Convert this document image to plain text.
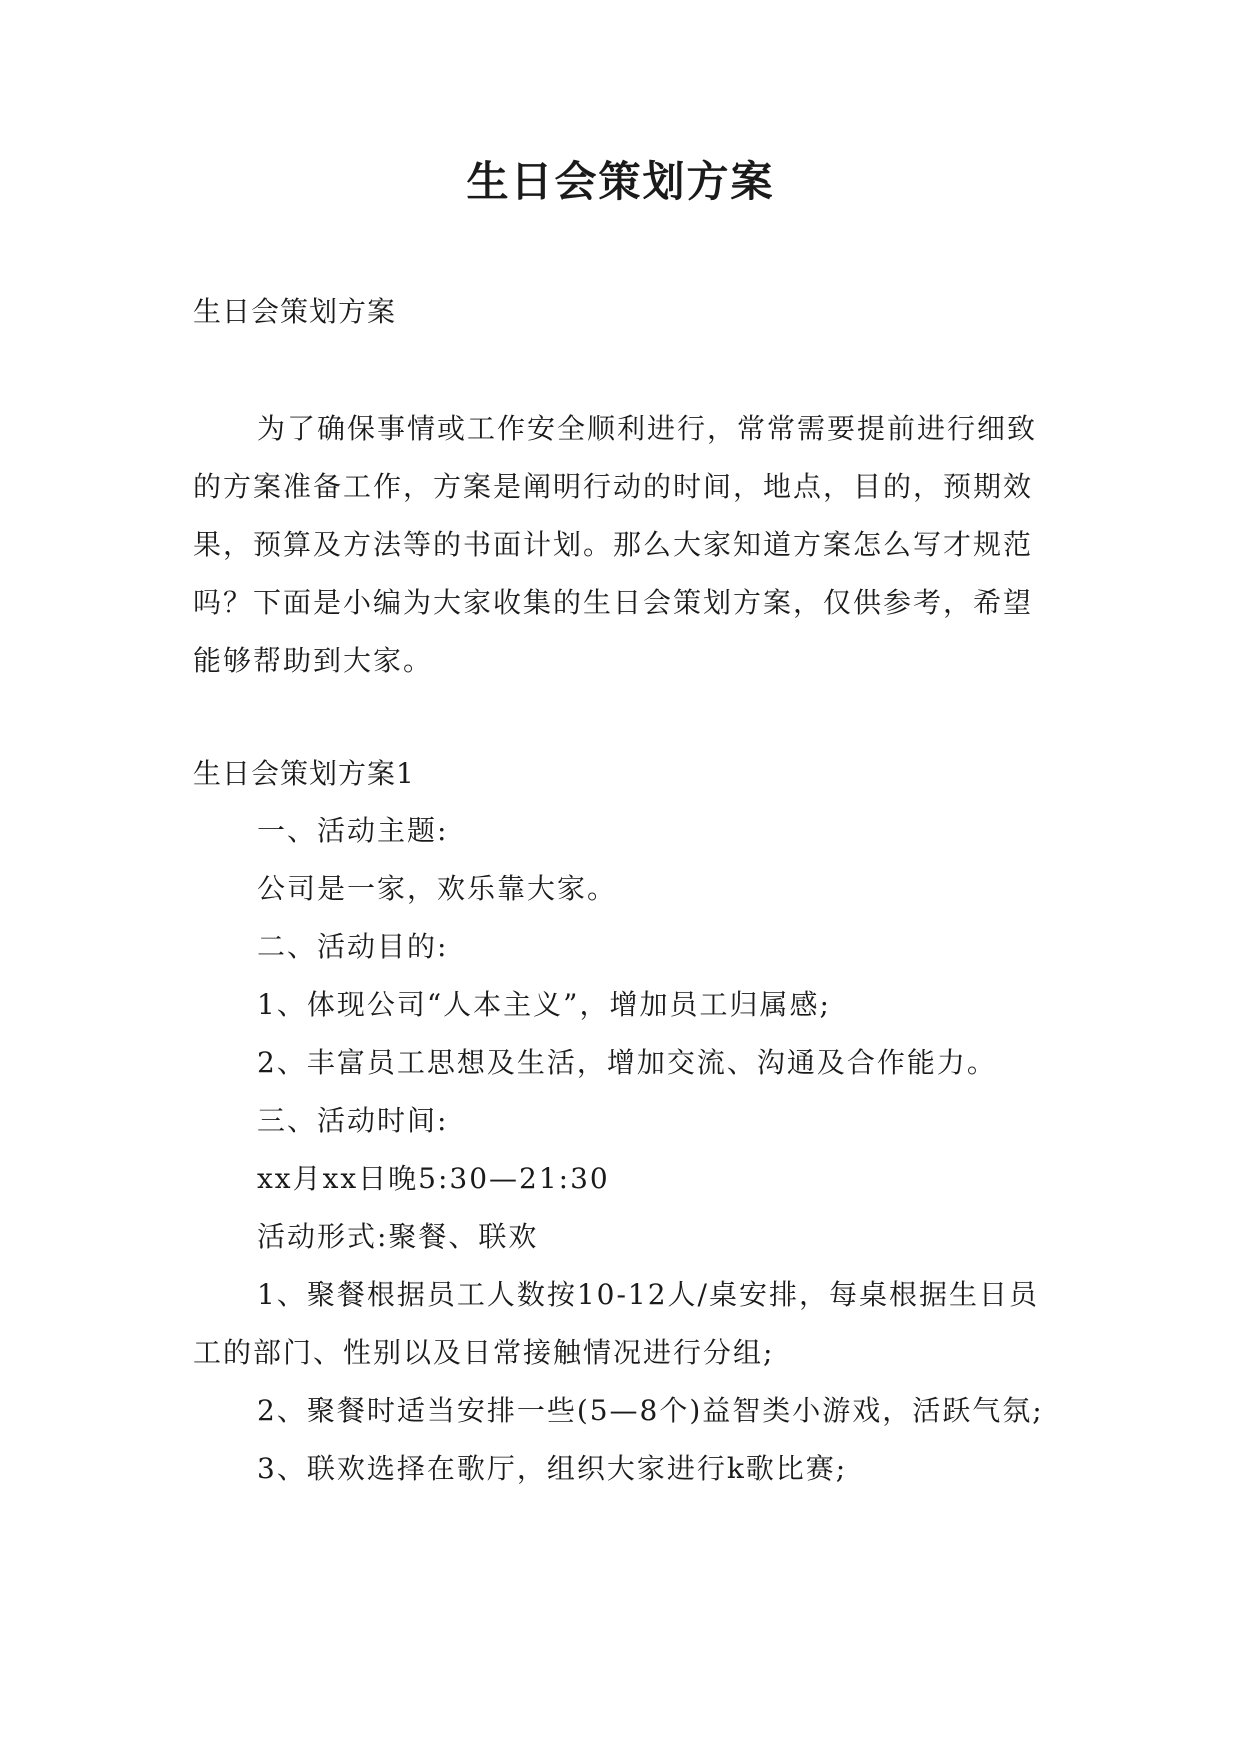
生日会策划方案
生日会策划方案

为了确保事情或工作安全顺利进行，常常需要提前进行细致的方案准备工作，方案是阐明行动的时间，地点，目的，预期效果，预算及方法等的书面计划。那么大家知道方案怎么写才规范吗？下面是小编为大家收集的生日会策划方案，仅供参考，希望能够帮助到大家。

生日会策划方案1

一、活动主题:

公司是一家，欢乐靠大家。

二、活动目的:

1、体现公司“人本主义”，增加员工归属感;

2、丰富员工思想及生活，增加交流、沟通及合作能力。

三、活动时间:

xx月xx日晚5:30—21:30

活动形式:聚餐、联欢

1、聚餐根据员工人数按10-12人/桌安排，每桌根据生日员工的部门、性别以及日常接触情况进行分组;

2、聚餐时适当安排一些(5—8个)益智类小游戏，活跃气氛;

3、联欢选择在歌厅，组织大家进行k歌比赛;
